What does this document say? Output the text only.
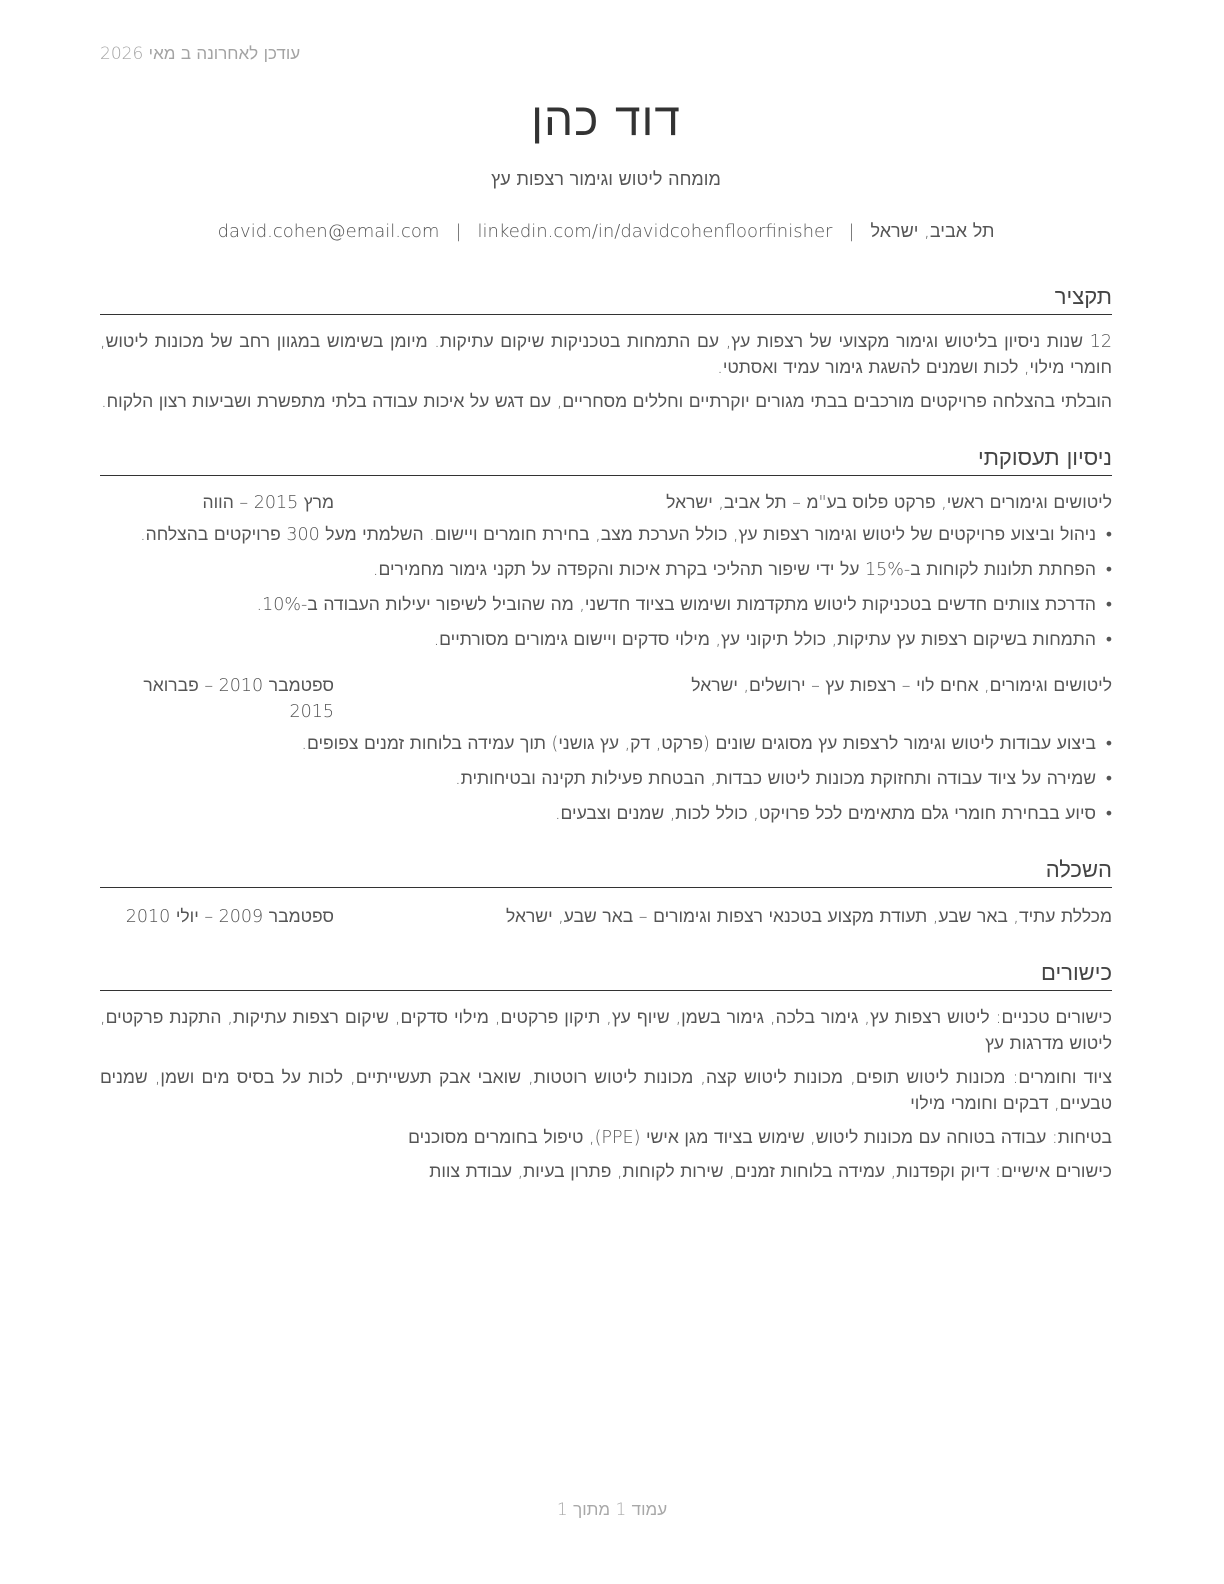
עודכן לאחרונה ב מאי 2026
דוד כהן
מומחה ליטוש וגימור רצפות עץ
תל אביב, ישראל|david.cohen@email.com | linkedin.com/in/davidcohenfloorfinisher
תקציר
12 שנות ניסיון בליטוש וגימור מקצועי של רצפות עץ, עם התמחות בטכניקות שיקום עתיקות. מיומן בשימוש במגוון רחב של מכונות ליטוש, חומרי מילוי, לכות ושמנים להשגת גימור עמיד ואסתטי.
הובלתי בהצלחה פרויקטים מורכבים בבתי מגורים יוקרתיים וחללים מסחריים, עם דגש על איכות עבודה בלתי מתפשרת ושביעות רצון הלקוח.
ניסיון תעסוקתי
ליטושים וגימורים ראשי, פרקט פלוס בע"מ – תל אביב, ישראל
מרץ 2015 – הווה
•
ניהול וביצוע פרויקטים של ליטוש וגימור רצפות עץ, כולל הערכת מצב, בחירת חומרים ויישום. השלמתי מעל 300 פרויקטים בהצלחה.
•
הפחתת תלונות לקוחות ב-15% על ידי שיפור תהליכי בקרת איכות והקפדה על תקני גימור מחמירים.
•
הדרכת צוותים חדשים בטכניקות ליטוש מתקדמות ושימוש בציוד חדשני, מה שהוביל לשיפור יעילות העבודה ב-10%.
•
התמחות בשיקום רצפות עץ עתיקות, כולל תיקוני עץ, מילוי סדקים ויישום גימורים מסורתיים.
ליטושים וגימורים, אחים לוי – רצפות עץ – ירושלים, ישראל
ספטמבר 2010 – פברואר 2015
•
ביצוע עבודות ליטוש וגימור לרצפות עץ מסוגים שונים (פרקט, דק, עץ גושני) תוך עמידה בלוחות זמנים צפופים.
•
שמירה על ציוד עבודה ותחזוקת מכונות ליטוש כבדות, הבטחת פעילות תקינה ובטיחותית.
•
סיוע בבחירת חומרי גלם מתאימים לכל פרויקט, כולל לכות, שמנים וצבעים.
השכלה
מכללת עתיד, באר שבע, תעודת מקצוע בטכנאי רצפות וגימורים – באר שבע, ישראל
ספטמבר 2009 – יולי 2010
כישורים
כישורים טכניים: ליטוש רצפות עץ, גימור בלכה, גימור בשמן, שיוף עץ, תיקון פרקטים, מילוי סדקים, שיקום רצפות עתיקות, התקנת פרקטים, ליטוש מדרגות עץ
ציוד וחומרים: מכונות ליטוש תופים, מכונות ליטוש קצה, מכונות ליטוש רוטטות, שואבי אבק תעשייתיים, לכות על בסיס מים ושמן, שמנים טבעיים, דבקים וחומרי מילוי
בטיחות: עבודה בטוחה עם מכונות ליטוש, שימוש בציוד מגן אישי (PPE), טיפול בחומרים מסוכנים
כישורים אישיים: דיוק וקפדנות, עמידה בלוחות זמנים, שירות לקוחות, פתרון בעיות, עבודת צוות
עמוד 1 מתוך 1
